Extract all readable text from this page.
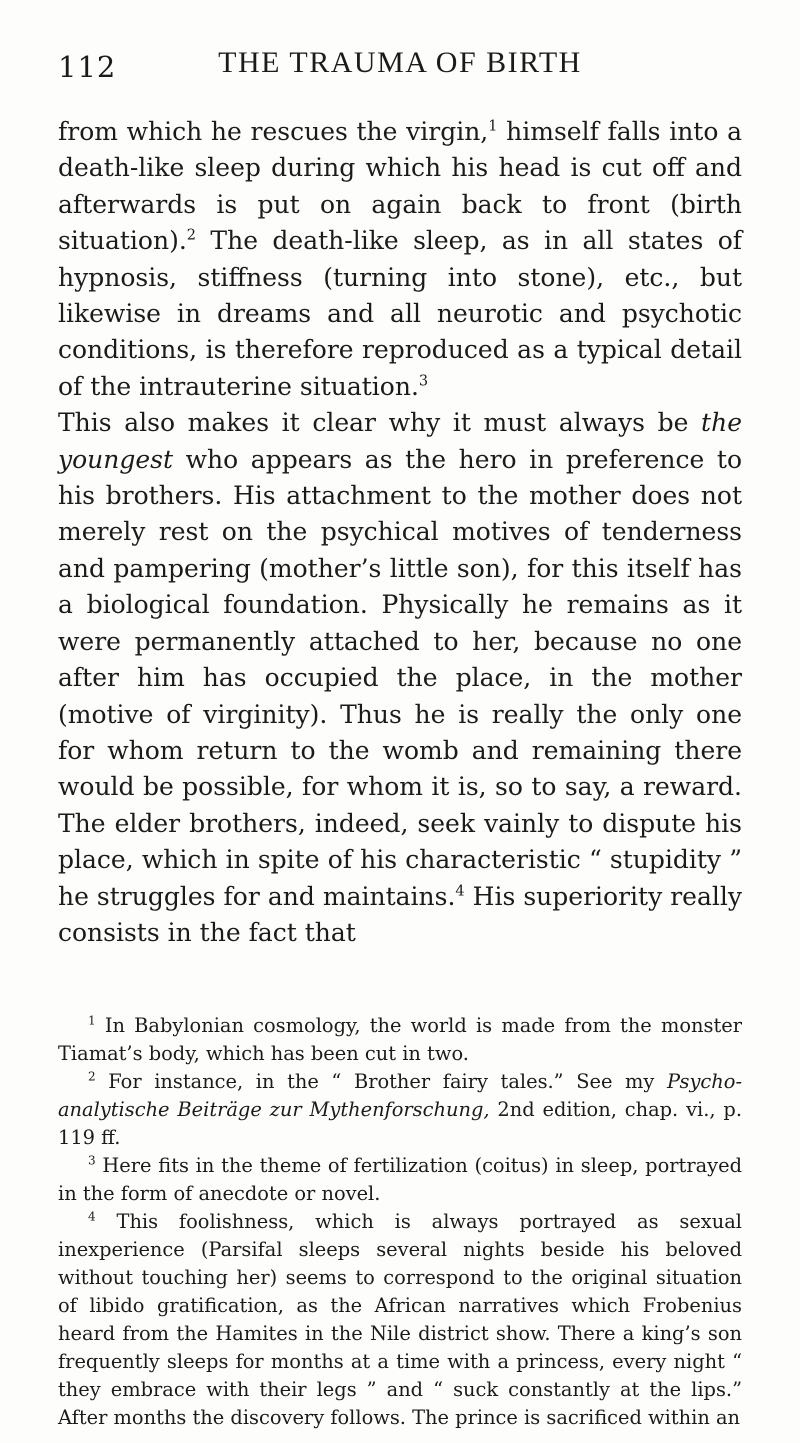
112	THE TRAUMA OF BIRTH

from which he rescues the virgin,$^1$ himself falls into a death-like sleep during which his head is cut off and afterwards is put on again back to front (birth situation).$^2$ The death-like sleep, as in all states of hypnosis, stiffness (turning into stone), etc., but likewise in dreams and all neurotic and psychotic conditions, is therefore reproduced as a typical detail of the intrauterine situation.$^3$

This also makes it clear why it must always be the youngest who appears as the hero in preference to his brothers. His attachment to the mother does not merely rest on the psychical motives of tenderness and pampering (mother’s little son), for this itself has a biological foundation. Physically he remains as it were permanently attached to her, because no one after him has occupied the place, in the mother (motive of virginity). Thus he is really the only one for whom return to the womb and remaining there would be possible, for whom it is, so to say, a reward. The elder brothers, indeed, seek vainly to dispute his place, which in spite of his characteristic “ stupidity ” he struggles for and maintains.$^4$ His superiority really consists in the fact that

$^1$ In Babylonian cosmology, the world is made from the monster Tiamat’s body, which has been cut in two.

$^2$ For instance, in the “ Brother fairy tales.” See my Psycho-analytische Beiträge zur Mythenforschung, 2nd edition, chap. vi., p. 119 ff.

$^3$ Here fits in the theme of fertilization (coitus) in sleep, portrayed in the form of anecdote or novel.

$^4$ This foolishness, which is always portrayed as sexual inexperience (Parsifal sleeps several nights beside his beloved without touching her) seems to correspond to the original situation of libido gratification, as the African narratives which Frobenius heard from the Hamites in the Nile district show. There a king’s son frequently sleeps for months at a time with a princess, every night “ they embrace with their legs ” and “ suck constantly at the lips.” After months the discovery follows. The prince is sacrificed within an
